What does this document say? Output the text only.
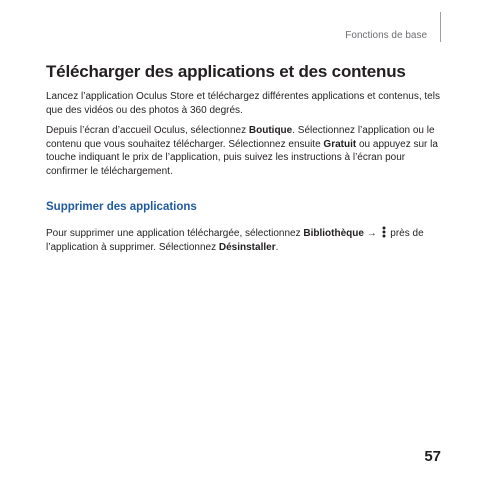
Fonctions de base
Télécharger des applications et des contenus

Lancez l’application Oculus Store et téléchargez différentes applications et contenus, tels que des vidéos ou des photos à 360 degrés.

Depuis l’écran d’accueil Oculus, sélectionnez Boutique. Sélectionnez l’application ou le contenu que vous souhaitez télécharger. Sélectionnez ensuite Gratuit ou appuyez sur la touche indiquant le prix de l’application, puis suivez les instructions à l’écran pour confirmer le téléchargement.

Supprimer des applications

Pour supprimer une application téléchargée, sélectionnez Bibliothèque →  près de l’application à supprimer. Sélectionnez Désinstaller.

57
